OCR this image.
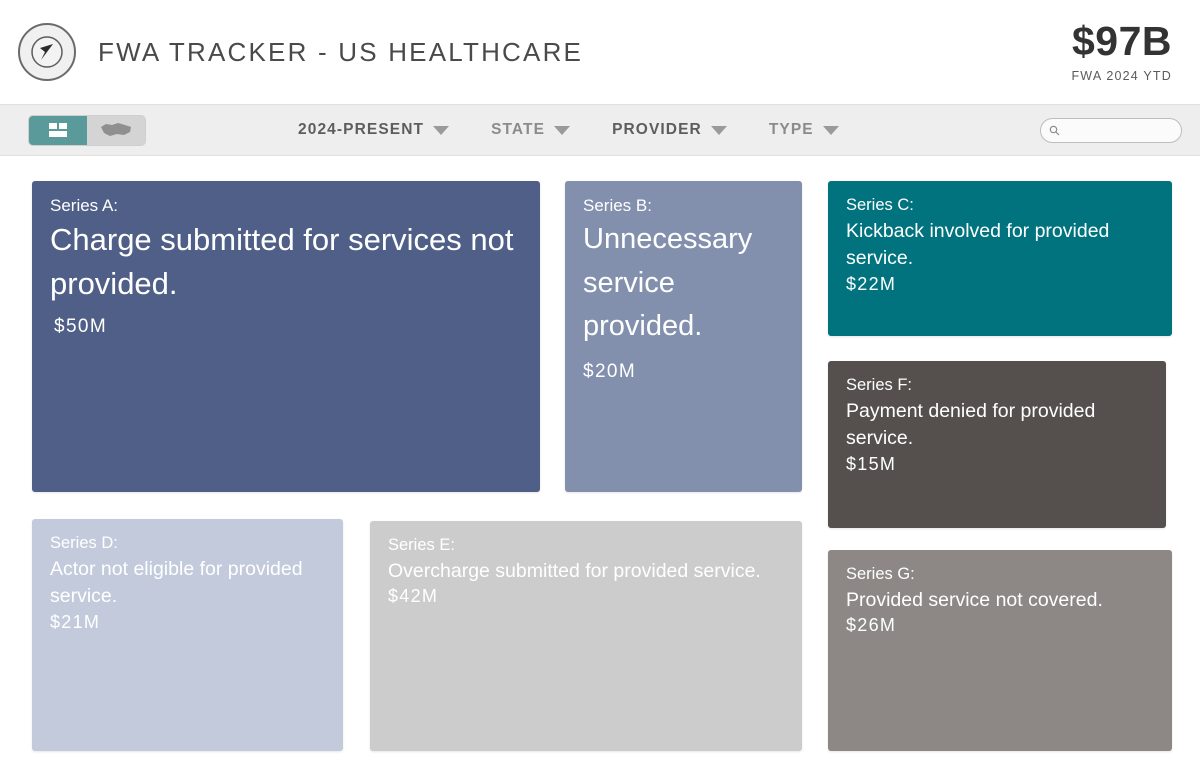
FWA TRACKER - US HEALTHCARE	$97B
FWA 2024 YTD
2024-PRESENT	STATE	PROVIDER	TYPE
Series A:
Charge submitted for services not provided.
$50M
Series B:
Unnecessary service provided.
$20M
Series C:
Kickback involved for provided service.
$22M
Series F:
Payment denied for provided service.
$15M
Series D:
Actor not eligible for provided service.
$21M
Series E:
Overcharge submitted for provided service.
$42M
Series G:
Provided service not covered.
$26M
